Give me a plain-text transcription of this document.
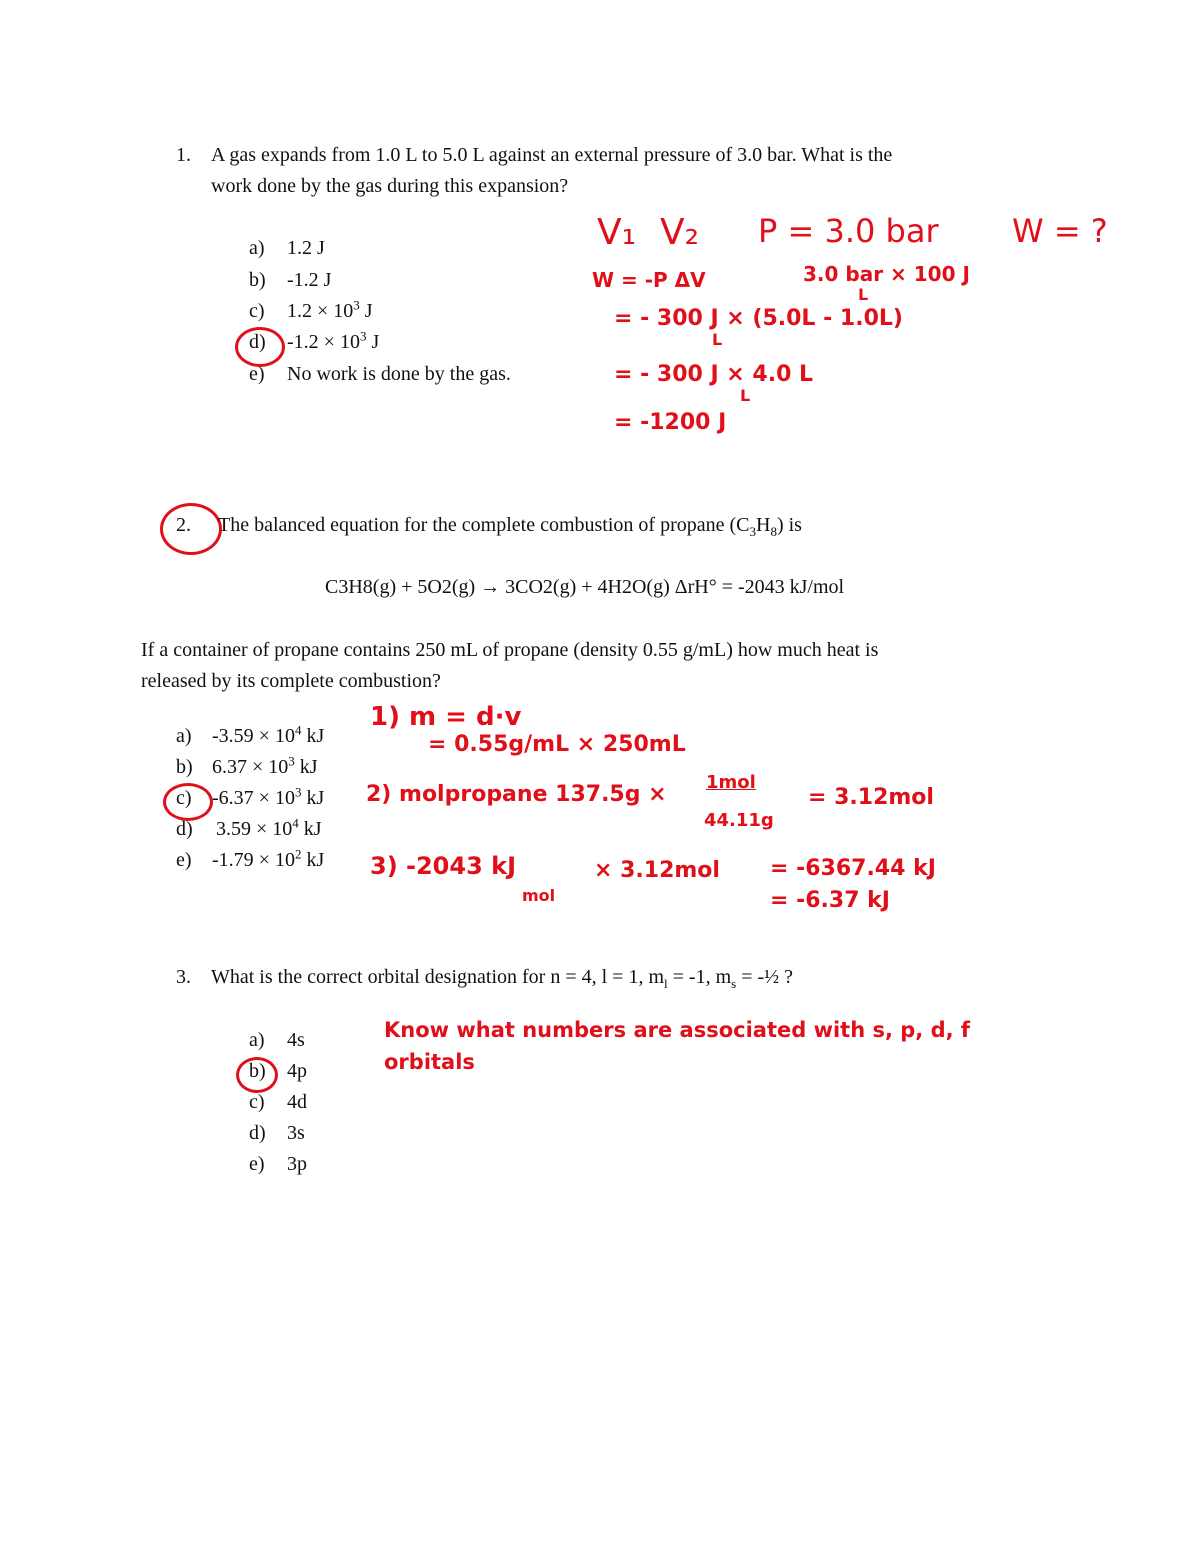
1. A gas expands from 1.0 L to 5.0 L against an external pressure of 3.0 bar. What is the
work done by the gas during this expansion?
a) 1.2 J
b) -1.2 J
c) $1.2 \times 10^3$ J
d) $-1.2 \times 10^3$ J
e) No work is done by the gas.
V₁ V₂ P = 3.0 bar W = ?
W = -P ΔV	3.0 bar × 100 J
L
= - 300 J × (5.0L - 1.0L)
L
= - 300 J × 4.0 L
L
= -1200 J
2. The balanced equation for the complete combustion of propane $(C_3H_8)$ is
C3H8(g) + 5O2(g) → 3CO2(g) + 4H2O(g) ΔrH° = -2043 kJ/mol
If a container of propane contains 250 mL of propane (density 0.55 g/mL) how much heat is
released by its complete combustion?
a) $-3.59 \times 10^4$ kJ
b) $6.37 \times 10^3$ kJ
c) $-6.37 \times 10^3$ kJ
d) $3.59 \times 10^4$ kJ
e) $-1.79 \times 10^2$ kJ
1) m = d·v
= 0.55g/mL × 250mL
2) molpropane 137.5g × 1mol
44.11g
= 3.12mol
3) -2043 kJ
mol
× 3.12mol = -6367.44 kJ
= -6.37 kJ
3. What is the correct orbital designation for n = 4, l = 1, $m_l = -1$, $m_s$ = -½ ?
a) 4s
b) 4p
c) 4d
d) 3s
e) 3p
Know what numbers are associated with s, p, d, f
orbitals
